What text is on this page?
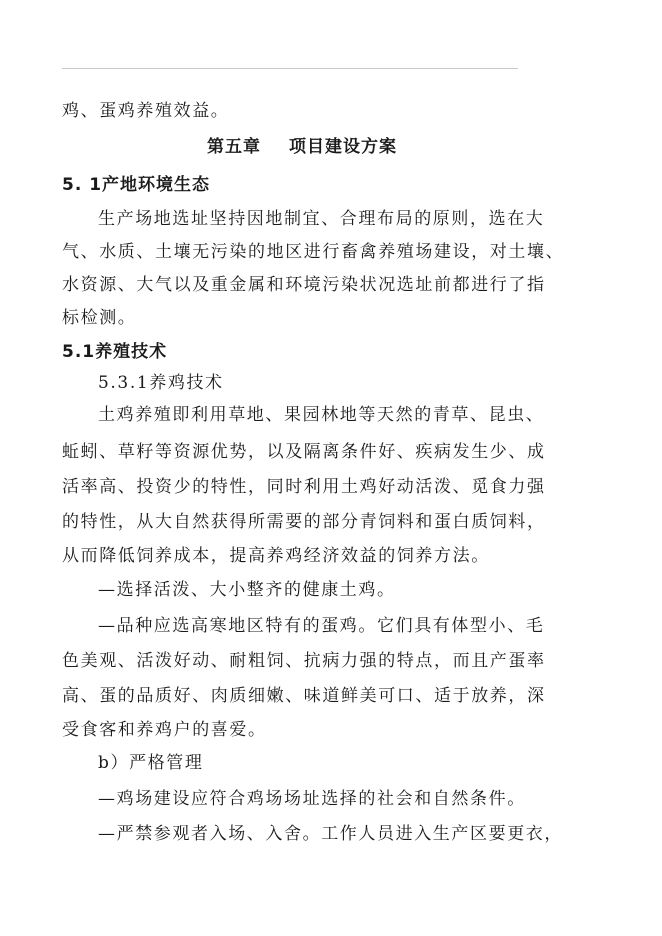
鸡、蛋鸡养殖效益。
第五章 项目建设方案
5. 1产地环境生态
生产场地选址坚持因地制宜、合理布局的原则，选在大
气、水质、土壤无污染的地区进行畜禽养殖场建设，对土壤、
水资源、大气以及重金属和环境污染状况选址前都进行了指
标检测。
5.1养殖技术
5.3.1养鸡技术
土鸡养殖即利用草地、果园林地等天然的青草、昆虫、
蚯蚓、草籽等资源优势，以及隔离条件好、疾病发生少、成
活率高、投资少的特性，同时利用土鸡好动活泼、觅食力强
的特性，从大自然获得所需要的部分青饲料和蛋白质饲料，
从而降低饲养成本，提高养鸡经济效益的饲养方法。
—选择活泼、大小整齐的健康土鸡。
—品种应选高寒地区特有的蛋鸡。它们具有体型小、毛
色美观、活泼好动、耐粗饲、抗病力强的特点，而且产蛋率
高、蛋的品质好、肉质细嫩、味道鲜美可口、适于放养，深
受食客和养鸡户的喜爱。
b）严格管理
—鸡场建设应符合鸡场场址选择的社会和自然条件。
—严禁参观者入场、入舍。工作人员进入生产区要更衣，
